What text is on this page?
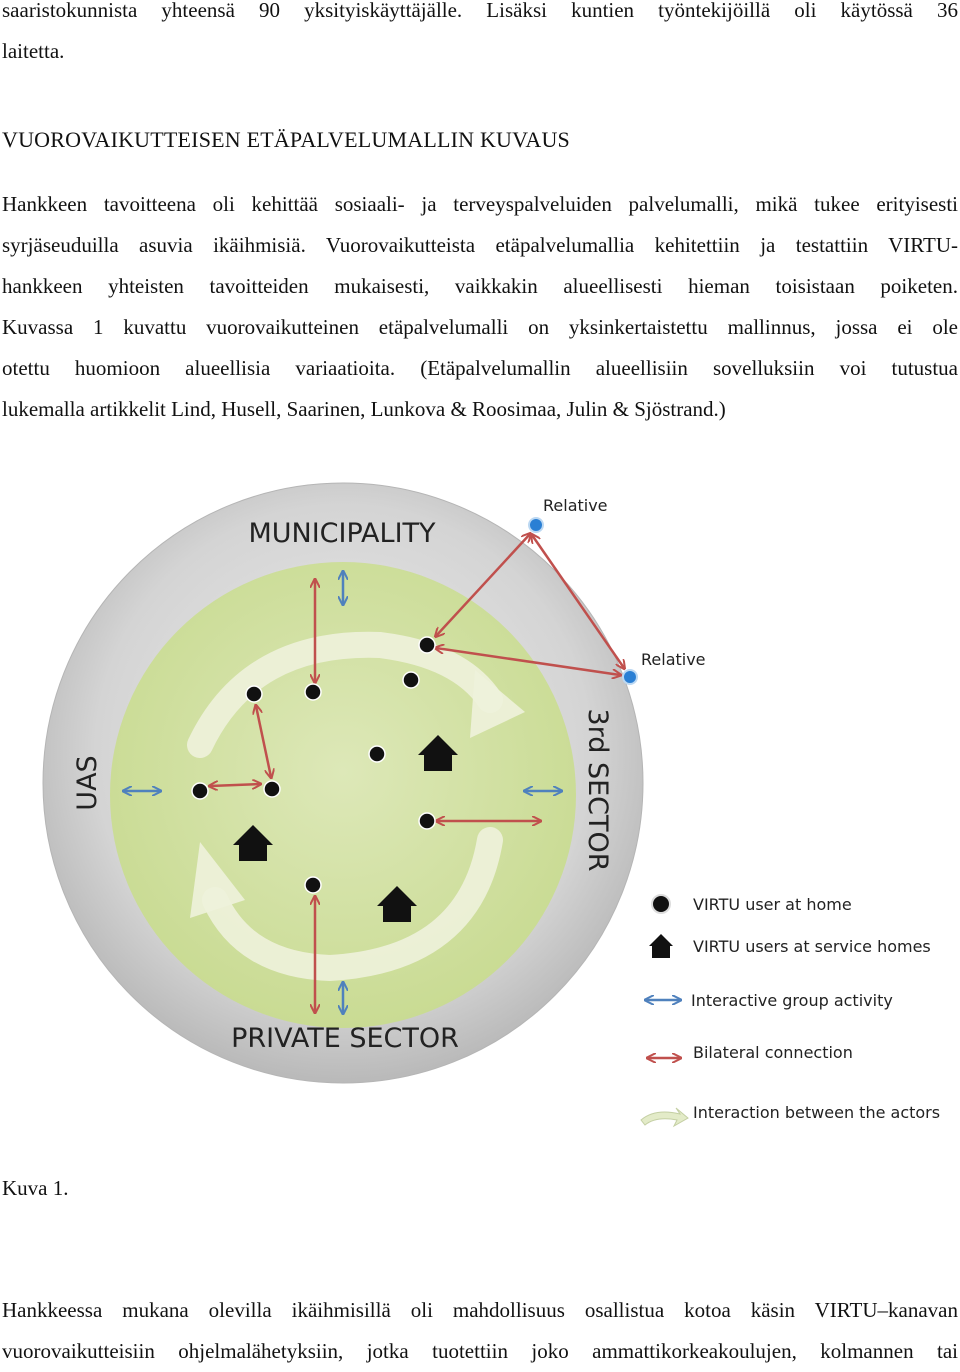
saaristokunnista yhteensä 90 yksityiskäyttäjälle. Lisäksi kuntien työntekijöillä oli käytössä 36

laitetta.

VUOROVAIKUTTEISEN ETÄPALVELUMALLIN KUVAUS

Hankkeen tavoitteena oli kehittää sosiaali- ja terveyspalveluiden palvelumalli, mikä tukee erityisesti

syrjäseuduilla asuvia ikäihmisiä. Vuorovaikutteista etäpalvelumallia kehitettiin ja testattiin VIRTU-

hankkeen yhteisten tavoitteiden mukaisesti, vaikkakin alueellisesti hieman toisistaan poiketen.

Kuvassa 1 kuvattu vuorovaikutteinen etäpalvelumalli on yksinkertaistettu mallinnus, jossa ei ole

otettu huomioon alueellisia variaatioita. (Etäpalvelumallin alueellisiin sovelluksiin voi tutustua

lukemalla artikkelit Lind, Husell, Saarinen, Lunkova & Roosimaa, Julin & Sjöstrand.)

MUNICIPALITY
PRIVATE SECTOR
UAS	3rd SECTOR
Relative
Relative
VIRTU user at home
VIRTU users at service homes
Interactive group activity
Bilateral connection
Interaction between the actors

Kuva 1.

Hankkeessa mukana olevilla ikäihmisillä oli mahdollisuus osallistua kotoa käsin VIRTU–kanavan

vuorovaikutteisiin ohjelmalähetyksiin, jotka tuotettiin joko ammattikorkeakoulujen, kolmannen tai
